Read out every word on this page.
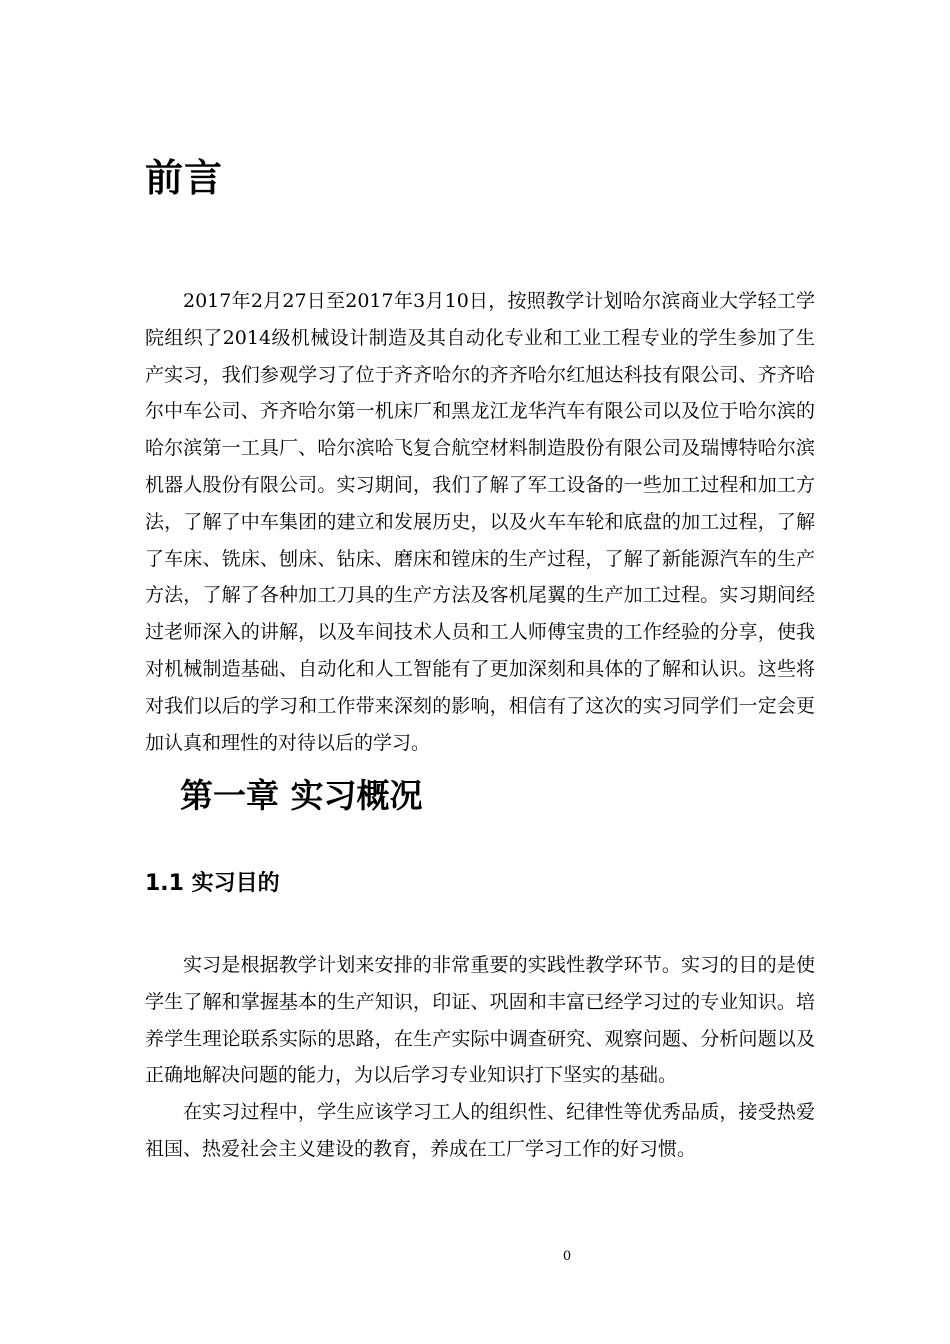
前言

2017年2月27日至2017年3月10日，按照教学计划哈尔滨商业大学轻工学院组织了2014级机械设计制造及其自动化专业和工业工程专业的学生参加了生产实习，我们参观学习了位于齐齐哈尔的齐齐哈尔红旭达科技有限公司、齐齐哈尔中车公司、齐齐哈尔第一机床厂和黑龙江龙华汽车有限公司以及位于哈尔滨的哈尔滨第一工具厂、哈尔滨哈飞复合航空材料制造股份有限公司及瑞博特哈尔滨机器人股份有限公司。实习期间，我们了解了军工设备的一些加工过程和加工方法，了解了中车集团的建立和发展历史，以及火车车轮和底盘的加工过程，了解了车床、铣床、刨床、钻床、磨床和镗床的生产过程，了解了新能源汽车的生产方法，了解了各种加工刀具的生产方法及客机尾翼的生产加工过程。实习期间经过老师深入的讲解，以及车间技术人员和工人师傅宝贵的工作经验的分享，使我对机械制造基础、自动化和人工智能有了更加深刻和具体的了解和认识。这些将对我们以后的学习和工作带来深刻的影响，相信有了这次的实习同学们一定会更加认真和理性的对待以后的学习。

第一章 实习概况
1.1 实习目的

实习是根据教学计划来安排的非常重要的实践性教学环节。实习的目的是使学生了解和掌握基本的生产知识，印证、巩固和丰富已经学习过的专业知识。培养学生理论联系实际的思路，在生产实际中调查研究、观察问题、分析问题以及正确地解决问题的能力，为以后学习专业知识打下坚实的基础。

在实习过程中，学生应该学习工人的组织性、纪律性等优秀品质，接受热爱祖国、热爱社会主义建设的教育，养成在工厂学习工作的好习惯。

0
